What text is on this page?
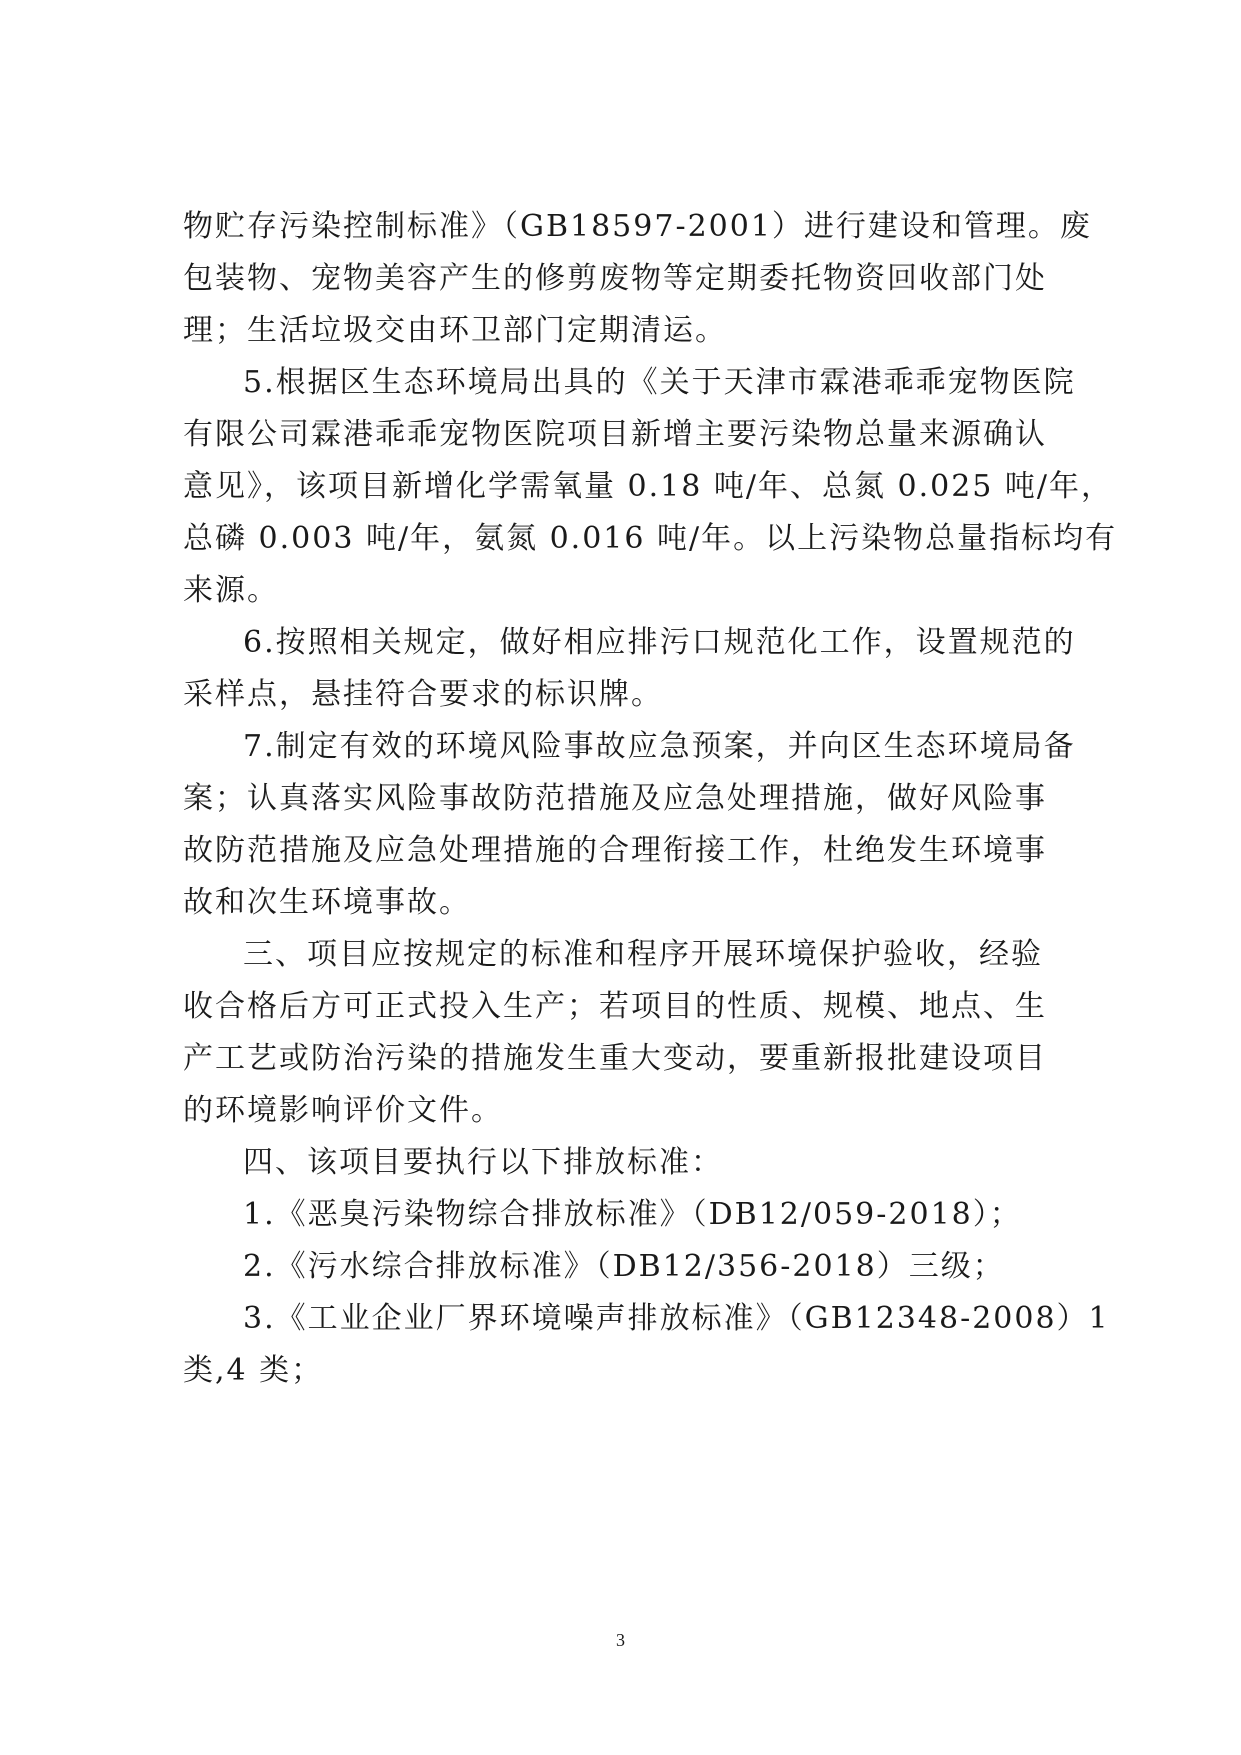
物贮存污染控制标准》（GB18597-2001）进行建设和管理。废
包装物、宠物美容产生的修剪废物等定期委托物资回收部门处
理；生活垃圾交由环卫部门定期清运。
5.根据区生态环境局出具的《关于天津市霖港乖乖宠物医院
有限公司霖港乖乖宠物医院项目新增主要污染物总量来源确认
意见》，该项目新增化学需氧量 0.18 吨/年、总氮 0.025 吨/年，
总磷 0.003 吨/年，氨氮 0.016 吨/年。以上污染物总量指标均有
来源。
6.按照相关规定，做好相应排污口规范化工作，设置规范的
采样点，悬挂符合要求的标识牌。
7.制定有效的环境风险事故应急预案，并向区生态环境局备
案；认真落实风险事故防范措施及应急处理措施，做好风险事
故防范措施及应急处理措施的合理衔接工作，杜绝发生环境事
故和次生环境事故。
三、项目应按规定的标准和程序开展环境保护验收，经验
收合格后方可正式投入生产；若项目的性质、规模、地点、生
产工艺或防治污染的措施发生重大变动，要重新报批建设项目
的环境影响评价文件。
四、该项目要执行以下排放标准：
1.《恶臭污染物综合排放标准》（DB12/059-2018）；
2.《污水综合排放标准》（DB12/356-2018）三级；
3.《工业企业厂界环境噪声排放标准》（GB12348-2008）1
类,4 类；
3
